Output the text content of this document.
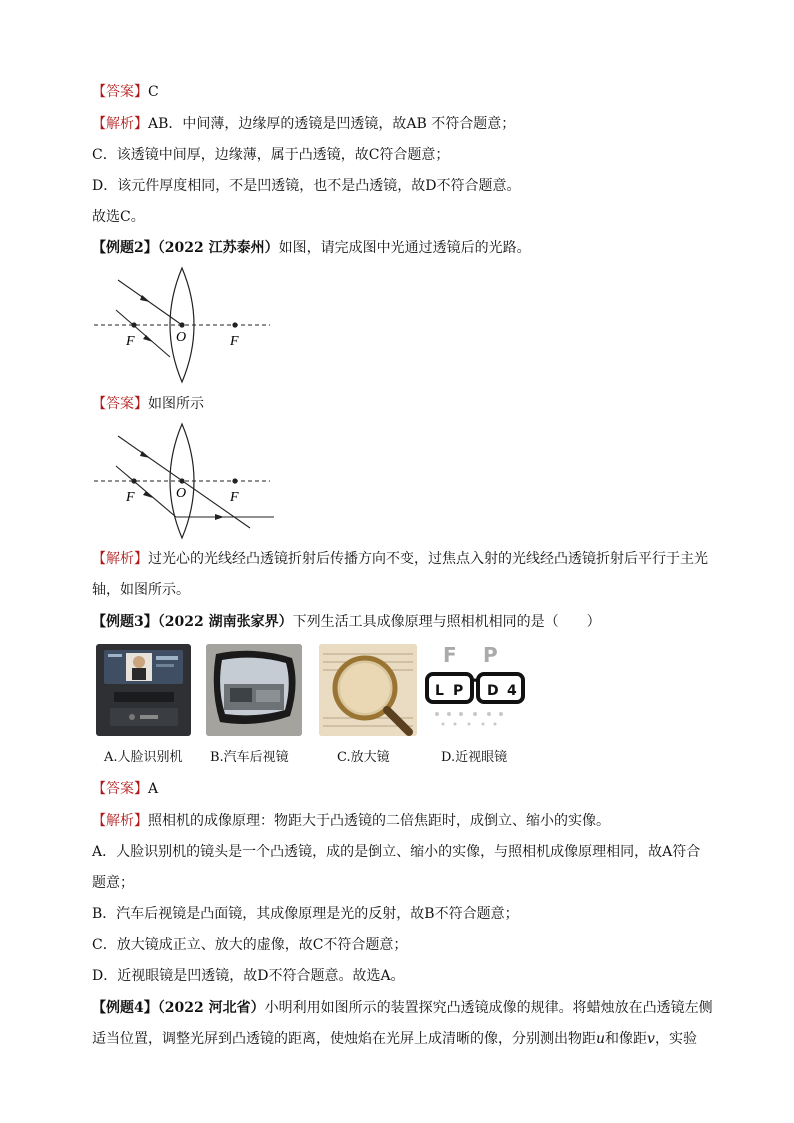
【答案】C
【解析】AB．中间薄，边缘厚的透镜是凹透镜，故AB 不符合题意；
C．该透镜中间厚，边缘薄，属于凸透镜，故C符合题意；
D．该元件厚度相同，不是凹透镜，也不是凸透镜，故D不符合题意。
故选C。
【例题2】（2022 江苏泰州）如图，请完成图中光通过透镜后的光路。
F	O	F
【答案】如图所示
F	O	F
【解析】过光心的光线经凸透镜折射后传播方向不变，过焦点入射的光线经凸透镜折射后平行于主光
轴，如图所示。
【例题3】（2022 湖南张家界）下列生活工具成像原理与照相机相同的是（　　）
F P
L P D 4
A.人脸识别机 B.汽车后视镜	C.放大镜	D.近视眼镜
【答案】A
【解析】照相机的成像原理：物距大于凸透镜的二倍焦距时，成倒立、缩小的实像。
A．人脸识别机的镜头是一个凸透镜，成的是倒立、缩小的实像，与照相机成像原理相同，故A符合
题意；
B．汽车后视镜是凸面镜，其成像原理是光的反射，故B不符合题意；
C．放大镜成正立、放大的虚像，故C不符合题意；
D．近视眼镜是凹透镜，故D不符合题意。故选A。
【例题4】（2022 河北省）小明利用如图所示的装置探究凸透镜成像的规律。将蜡烛放在凸透镜左侧
适当位置，调整光屏到凸透镜的距离，使烛焰在光屏上成清晰的像，分别测出物距u和像距v，实验
